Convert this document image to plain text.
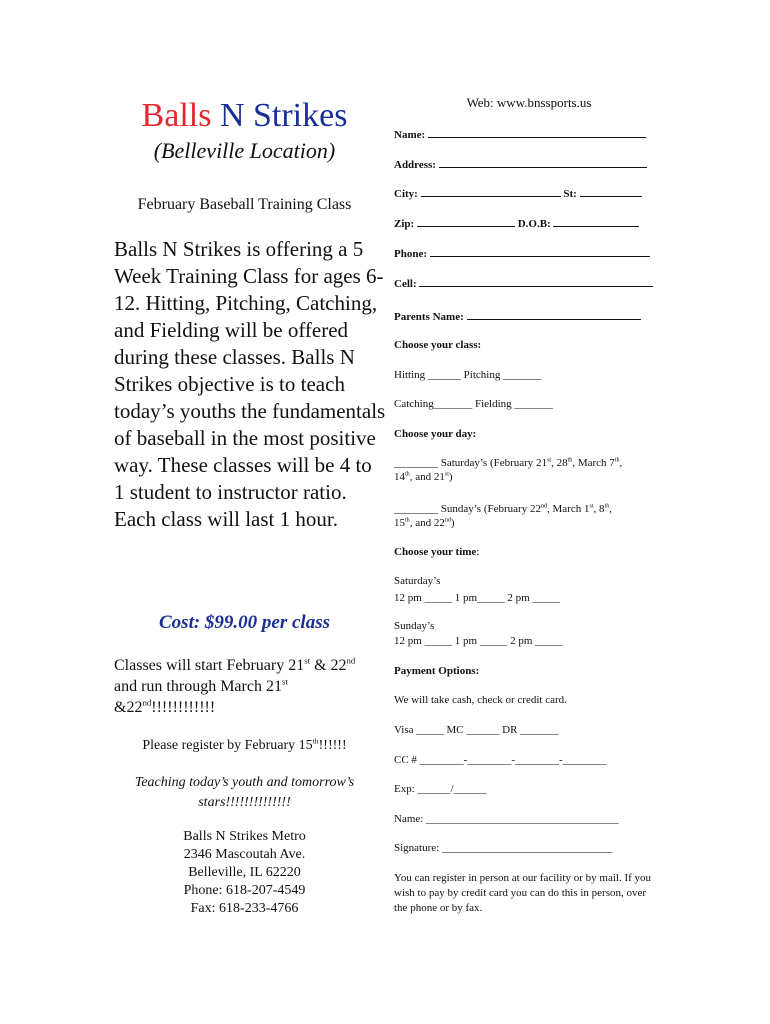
Balls N Strikes
(Belleville Location)
February Baseball Training Class

Balls N Strikes is offering a 5 Week Training Class for ages 6-12. Hitting, Pitching, Catching, and Fielding will be offered during these classes. Balls N Strikes objective is to teach today’s youths the fundamentals of baseball in the most positive way. These classes will be 4 to 1 student to instructor ratio. Each class will last 1 hour.

Cost: $99.00 per class

Classes will start February 21st & 22nd and run through March 21st
&22nd!!!!!!!!!!!!

Please register by February 15th!!!!!!
Teaching today’s youth and tomorrow’s stars!!!!!!!!!!!!!!
Balls N Strikes Metro
2346 Mascoutah Ave.
Belleville, IL 62220
Phone: 618-207-4549
Fax: 618-233-4766
Web: www.bnssports.us
Name:
Address:
City:	St:
Zip:	D.O.B:
Phone:
Cell:
Parents Name:
Choose your class:
Hitting ______ Pitching _______
Catching_______ Fielding _______
Choose your day:
________ Saturday’s (February 21st, 28th, March 7th,
14th, and 21st)
________ Sunday’s (February 22nd, March 1st, 8th,
15th, and 22nd)
Choose your time:
Saturday’s
12 pm _____ 1 pm_____ 2 pm _____
Sunday’s
12 pm _____ 1 pm _____ 2 pm _____
Payment Options:
We will take cash, check or credit card.
Visa _____ MC ______ DR _______
CC # ________-________-________-________
Exp: ______/______
Name: ___________________________________
Signature: _______________________________
You can register in person at our facility or by mail. If you wish to pay by credit card you can do this in person, over the phone or by fax.
